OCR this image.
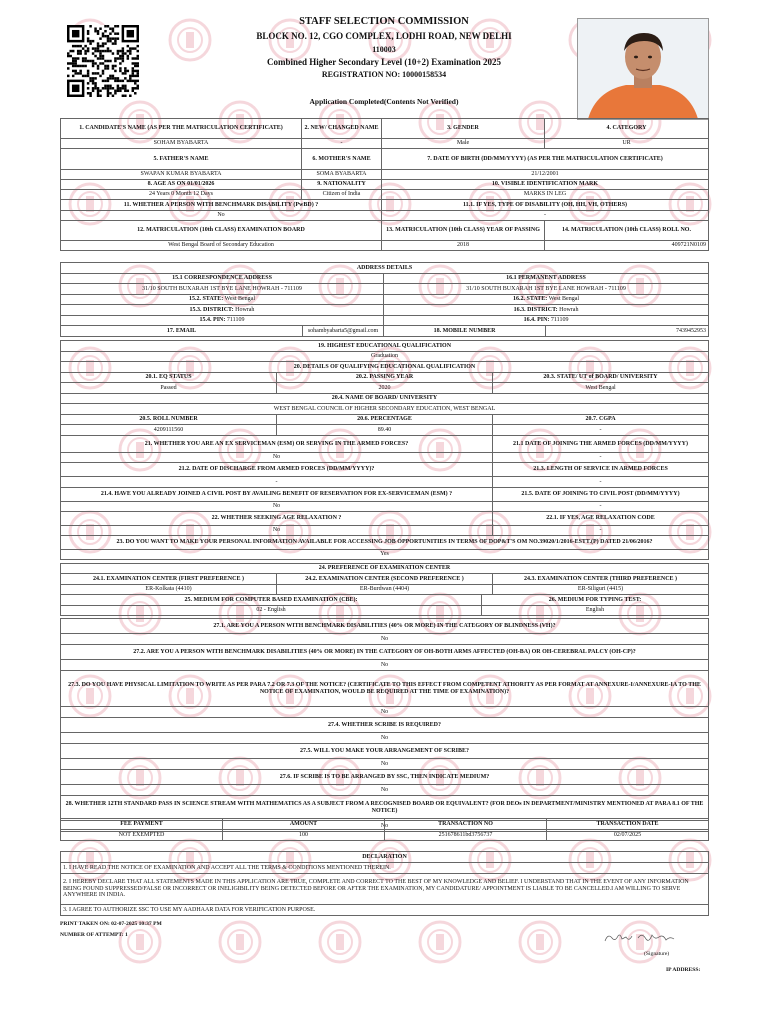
STAFF SELECTION COMMISSION
BLOCK NO. 12, CGO COMPLEX, LODHI ROAD, NEW DELHI
110003
Combined Higher Secondary Level (10+2) Examination 2025
REGISTRATION NO: 10000158534
Application Completed(Contents Not Verified)
1. CANDIDATE'S NAME (AS PER THE MATRICULATION CERTIFICATE)	2. NEW/ CHANGED NAME	3. GENDER	4. CATEGORY
SOHAM BYABARTA	-	Male	UR
5. FATHER'S NAME	6. MOTHER'S NAME	7. DATE OF BIRTH (DD/MM/YYYY) (AS PER THE MATRICULATION CERTIFICATE)	
SWAPAN KUMAR BYABARTA	SOMA BYABARTA	21/12/2001	
8. AGE AS ON 01/01/2026	9. NATIONALITY	10. VISIBLE IDENTIFICATION MARK	
24 Years 0 Month 12 Days	Citizen of India	MARKS IN LEG	
11. WHETHER A PERSON WITH BENCHMARK DISABILITY (PwBD) ?		11.1. IF YES, TYPE OF DISABILITY (OH, HH, VH, OTHERS)	
No		-	
12. MATRICULATION (10th CLASS) EXAMINATION BOARD		13. MATRICULATION (10th CLASS) YEAR OF PASSING	14. MATRICULATION (10th CLASS) ROLL NO.
West Bengal Board of Secondary Education		2018	409721N0109
ADDRESS DETAILS			
15.1 CORRESPONDENCE ADDRESS		16.1 PERMANENT ADDRESS	
31/10 SOUTH BUXARAH 1ST BYE LANE HOWRAH - 711109		31/10 SOUTH BUXARAH 1ST BYE LANE HOWRAH - 711109	
15.2. STATE: West Bengal		16.2. STATE: West Bengal	
15.3. DISTRICT: Howrah		16.3. DISTRICT: Howrah	
15.4. PIN: 711109		16.4. PIN: 711109	
17. EMAIL	sohambyabarta5@gmail.com	18. MOBILE NUMBER	7439452953
19. HIGHEST EDUCATIONAL QUALIFICATION		
Graduation		
20. DETAILS OF QUALIFYING EDUCATIONAL QUALIFICATION		
20.1. EQ STATUS	20.2. PASSING YEAR	20.3. STATE/ UT of BOARD/ UNIVERSITY
Passed	2020	West Bengal
20.4. NAME OF BOARD/ UNIVERSITY		
WEST BENGAL COUNCIL OF HIGHER SECONDARY EDUCATION, WEST BENGAL		
20.5. ROLL NUMBER	20.6. PERCENTAGE	20.7. CGPA
4209111560	89.40	-
21. WHETHER YOU ARE AN EX SERVICEMAN (ESM) OR SERVING IN THE ARMED FORCES?	21.1 DATE OF JOINING THE ARMED FORCES (DD/MM/YYYY)
No	-
21.2. DATE OF DISCHARGE FROM ARMED FORCES (DD/MM/YYYY)?	21.3. LENGTH OF SERVICE IN ARMED FORCES
-	-
21.4. HAVE YOU ALREADY JOINED A CIVIL POST BY AVAILING BENEFIT OF RESERVATION FOR EX-SERVICEMAN (ESM) ?	21.5. DATE OF JOINING TO CIVIL POST (DD/MM/YYYY)
No	-
22. WHETHER SEEKING AGE RELAXATION ?	22.1. IF YES, AGE RELAXATION CODE
No	-
23. DO YOU WANT TO MAKE YOUR PERSONAL INFORMATION AVAILABLE FOR ACCESSING JOB OPPORTUNITIES IN TERMS OF DOP&T'S OM NO.39020/1/2016-ESTT.(P) DATED 21/06/2016?	
Yes	
24. PREFERENCE OF EXAMINATION CENTER		
24.1. EXAMINATION CENTER (FIRST PREFERENCE )	24.2. EXAMINATION CENTER (SECOND PREFERENCE )	24.3. EXAMINATION CENTER (THIRD PREFERENCE )
ER-Kolkata (4410)	ER-Burdwan (4404)	ER-Siliguri (4415)
25. MEDIUM FOR COMPUTER BASED EXAMINATION (CBE):	26. MEDIUM FOR TYPING TEST:
02 - English	English
27.1. ARE YOU A PERSON WITH BENCHMARK DISABILITIES (40% OR MORE) IN THE CATEGORY OF BLINDNESS (VH)?
No
27.2. ARE YOU A PERSON WITH BENCHMARK DISABILITIES (40% OR MORE) IN THE CATEGORY OF OH-BOTH ARMS AFFECTED (OH-BA) OR OH-CEREBRAL PALCY (OH-CP)?
No
27.3. DO YOU HAVE PHYSICAL LIMITATION TO WRITE AS PER PARA 7.2 OR 7.3 OF THE NOTICE? (CERTIFICATE TO THIS EFFECT FROM COMPETENT ATHORITY AS PER FORMAT AT ANNEXURE-I/ANNEXURE-IA TO THE NOTICE OF EXAMINATION, WOULD BE REQUIRED AT THE TIME OF EXAMINATION)?
No
27.4. WHETHER SCRIBE IS REQUIRED?
No
27.5. WILL YOU MAKE YOUR ARRANGEMENT OF SCRIBE?
No
27.6. IF SCRIBE IS TO BE ARRANGED BY SSC, THEN INDICATE MEDIUM?
No
28. WHETHER 12TH STANDARD PASS IN SCIENCE STREAM WITH MATHEMATICS AS A SUBJECT FROM A RECOGNISED BOARD OR EQUIVALENT? (FOR DEOs IN DEPARTMENT/MINISTRY MENTIONED AT PARA 8.1 OF THE NOTICE)
No
FEE PAYMENT	AMOUNT	TRANSACTION NO	TRANSACTION DATE
NOT EXEMPTED	100	251678611bd3756737	02/07/2025
DECLARATION
1. I HAVE READ THE NOTICE OF EXAMINATION AND ACCEPT ALL THE TERMS & CONDITIONS MENTIONED THEREIN.
2. I HEREBY DECLARE THAT ALL STATEMENTS MADE IN THIS APPLICATION ARE TRUE, COMPLETE AND CORRECT TO THE BEST OF MY KNOWLEDGE AND BELIEF. I UNDERSTAND THAT IN THE EVENT OF ANY INFORMATION BEING FOUND SUPPRESSED/FALSE OR INCORRECT OR INELIGIBILITY BEING DETECTED BEFORE OR AFTER THE EXAMINATION, MY CANDIDATURE/ APPOINTMENT IS LIABLE TO BE CANCELLED.I AM WILLING TO SERVE ANYWHERE IN INDIA.
3. I AGREE TO AUTHORIZE SSC TO USE MY AADHAAR DATA FOR VERIFICATION PURPOSE.
PRINT TAKEN ON: 02-07-2025 10:37 PM
NUMBER OF ATTEMPT: 1
(Signature)
IP ADDRESS:
